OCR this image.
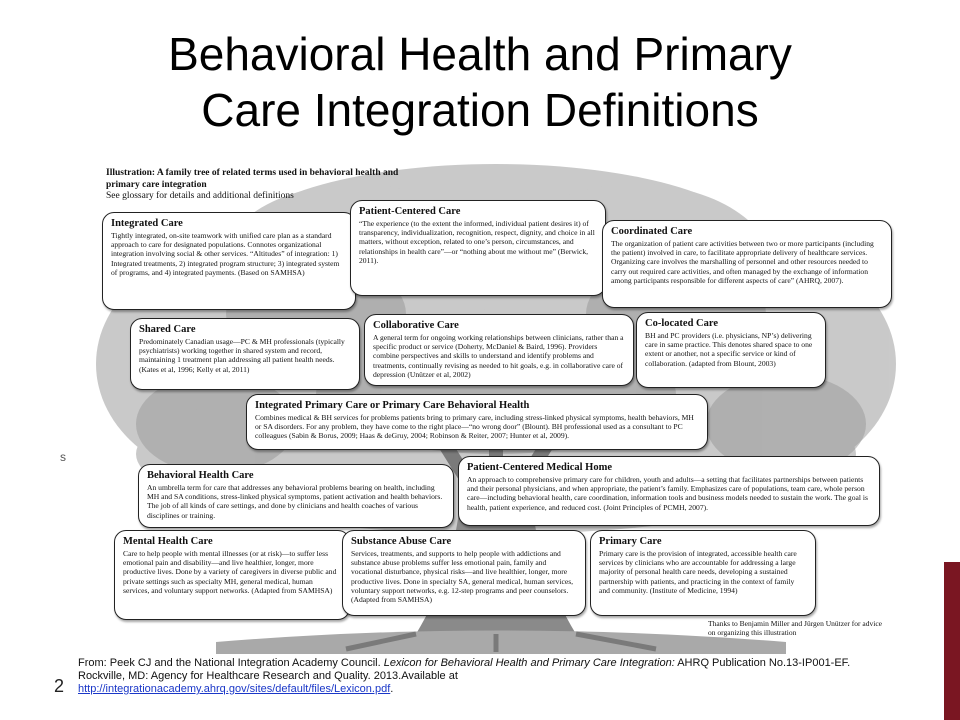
Behavioral Health and Primary
Care Integration Definitions
s
Illustration: A family tree of related terms used in behavioral health and primary care integration
See glossary for details and additional definitions
Integrated Care
Tightly integrated, on-site teamwork with unified care plan as a standard approach to care for designated populations. Connotes organizational integration involving social & other services. “Altitudes” of integration: 1) Integrated treatments, 2) integrated program structure; 3) integrated system of programs, and 4) integrated payments. (Based on SAMHSA)
Patient-Centered Care
“The experience (to the extent the informed, individual patient desires it) of transparency, individualization, recognition, respect, dignity, and choice in all matters, without exception, related to one’s person, circumstances, and relationships in health care”—or “nothing about me without me” (Berwick, 2011).
Coordinated Care
The organization of patient care activities between two or more participants (including the patient) involved in care, to facilitate appropriate delivery of healthcare services. Organizing care involves the marshalling of personnel and other resources needed to carry out required care activities, and often managed by the exchange of information among participants responsible for different aspects of care” (AHRQ, 2007).
Shared Care
Predominately Canadian usage—PC & MH professionals (typically psychiatrists) working together in shared system and record, maintaining 1 treatment plan addressing all patient health needs. (Kates et al, 1996; Kelly et al, 2011)
Collaborative Care
A general term for ongoing working relationships between clinicians, rather than a specific product or service (Doherty, McDaniel & Baird, 1996). Providers combine perspectives and skills to understand and identify problems and treatments, continually revising as needed to hit goals, e.g. in collaborative care of depression (Unützer et al, 2002)
Co-located Care
BH and PC providers (i.e. physicians, NP’s) delivering care in same practice. This denotes shared space to one extent or another, not a specific service or kind of collaboration. (adapted from Blount, 2003)
Integrated Primary Care or Primary Care Behavioral Health
Combines medical & BH services for problems patients bring to primary care, including stress-linked physical symptoms, health behaviors, MH or SA disorders. For any problem, they have come to the right place—“no wrong door” (Blount). BH professional used as a consultant to PC colleagues (Sabin & Borus, 2009; Haas & deGruy, 2004; Robinson & Reiter, 2007; Hunter et al, 2009).
Behavioral Health Care
An umbrella term for care that addresses any behavioral problems bearing on health, including MH and SA conditions, stress-linked physical symptoms, patient activation and health behaviors. The job of all kinds of care settings, and done by clinicians and health coaches of various disciplines or training.
Patient-Centered Medical Home
An approach to comprehensive primary care for children, youth and adults—a setting that facilitates partnerships between patients and their personal physicians, and when appropriate, the patient’s family. Emphasizes care of populations, team care, whole person care—including behavioral health, care coordination, information tools and business models needed to sustain the work. The goal is health, patient experience, and reduced cost. (Joint Principles of PCMH, 2007).
Mental Health Care
Care to help people with mental illnesses (or at risk)—to suffer less emotional pain and disability—and live healthier, longer, more productive lives. Done by a variety of caregivers in diverse public and private settings such as specialty MH, general medical, human services, and voluntary support networks. (Adapted from SAMHSA)
Substance Abuse Care
Services, treatments, and supports to help people with addictions and substance abuse problems suffer less emotional pain, family and vocational disturbance, physical risks—and live healthier, longer, more productive lives. Done in specialty SA, general medical, human services, voluntary support networks, e.g. 12-step programs and peer counselors. (Adapted from SAMHSA)
Primary Care
Primary care is the provision of integrated, accessible health care services by clinicians who are accountable for addressing a large majority of personal health care needs, developing a sustained partnership with patients, and practicing in the context of family and community. (Institute of Medicine, 1994)
Thanks to Benjamin Miller and Jürgen Unützer for advice on organizing this illustration
2
From: Peek CJ and the National Integration Academy Council. Lexicon for Behavioral Health and Primary Care Integration: AHRQ Publication No.13-IP001-EF. Rockville, MD: Agency for Healthcare Research and Quality. 2013.Available at
http://integrationacademy.ahrq.gov/sites/default/files/Lexicon.pdf.
